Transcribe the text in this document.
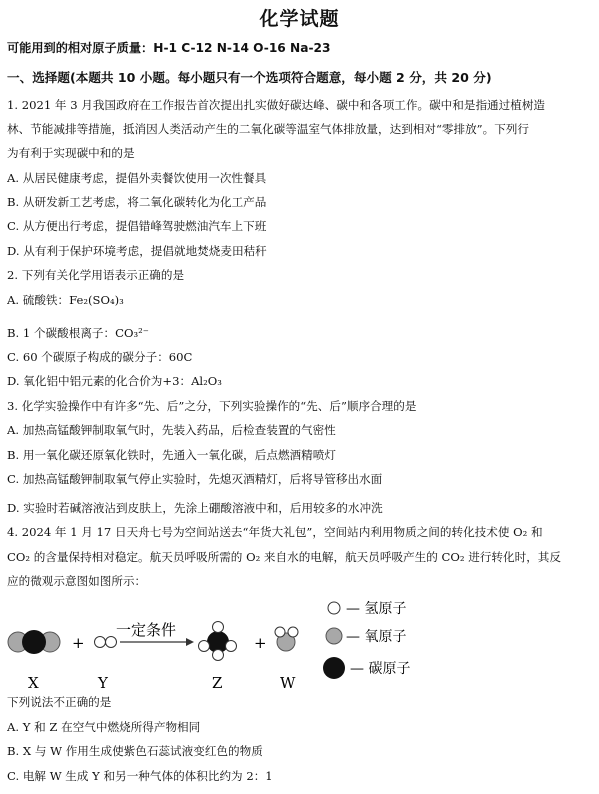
化学试题
可能用到的相对原子质量：H-1 C-12 N-14 O-16 Na-23
一、选择题(本题共 10 小题。每小题只有一个选项符合题意，每小题 2 分，共 20 分)
1. 2021 年 3 月我国政府在工作报告首次提出扎实做好碳达峰、碳中和各项工作。碳中和是指通过植树造
林、节能减排等措施，抵消因人类活动产生的二氧化碳等温室气体排放量，达到相对“零排放”。下列行
为有利于实现碳中和的是
A. 从居民健康考虑，提倡外卖餐饮使用一次性餐具
B. 从研发新工艺考虑，将二氧化碳转化为化工产品
C. 从方便出行考虑，提倡错峰驾驶燃油汽车上下班
D. 从有利于保护环境考虑，提倡就地焚烧麦田秸秆
2. 下列有关化学用语表示正确的是
A. 硫酸铁：Fe₂(SO₄)₃
B. 1 个碳酸根离子：CO₃²⁻
C. 60 个碳原子构成的碳分子：60C
D. 氧化铝中铝元素的化合价为+3：Al₂O₃
3. 化学实验操作中有许多“先、后”之分，下列实验操作的“先、后”顺序合理的是
A. 加热高锰酸钾制取氧气时，先装入药品，后检查装置的气密性
B. 用一氧化碳还原氧化铁时，先通入一氧化碳，后点燃酒精喷灯
C. 加热高锰酸钾制取氧气停止实验时，先熄灭酒精灯，后将导管移出水面
D. 实验时若碱溶液沾到皮肤上，先涂上硼酸溶液中和，后用较多的水冲洗
4. 2024 年 1 月 17 日天舟七号为空间站送去“年货大礼包”，空间站内利用物质之间的转化技术使 O₂ 和
CO₂ 的含量保持相对稳定。航天员呼吸所需的 O₂ 来自水的电解，航天员呼吸产生的 CO₂ 进行转化时，其反
应的微观示意图如图所示：
+
一定条件
+
X	Y	Z	W
— 氢原子
— 氧原子
— 碳原子
下列说法不正确的是
A. Y 和 Z 在空气中燃烧所得产物相同
B. X 与 W 作用生成使紫色石蕊试液变红色的物质
C. 电解 W 生成 Y 和另一种气体的体积比约为 2：1
